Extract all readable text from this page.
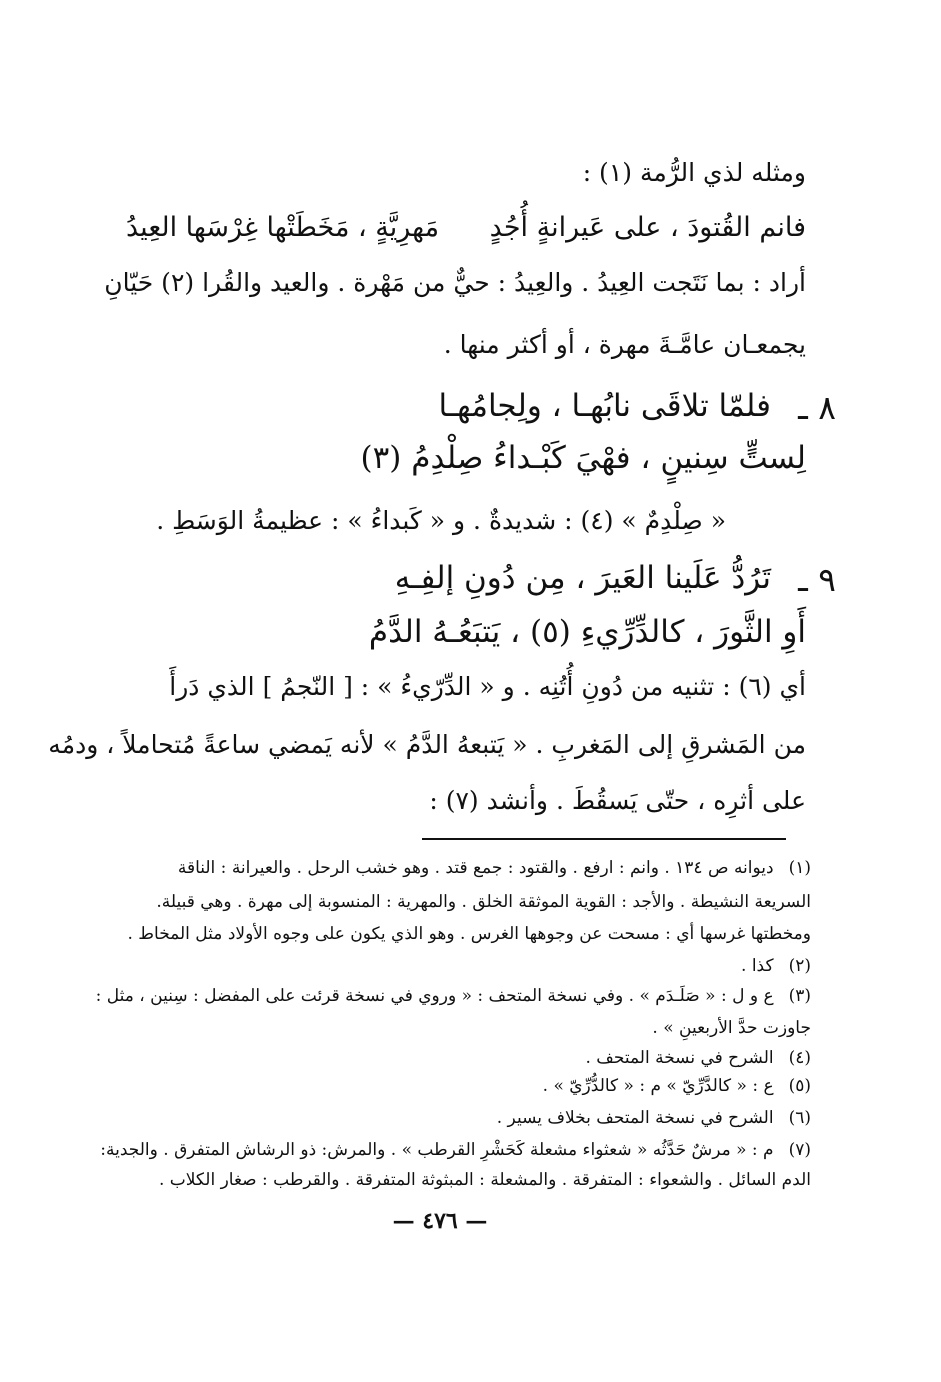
ومثله لذي الرُّمة (١) :
فانم القُتودَ ، على عَيرانةٍ أُجُدٍ
مَهرِيَّةٍ ، مَخَطَتْها غِرْسَها العِيدُ
أراد : بما نَتَجت العِيدُ . والعِيدُ : حيٌّ من مَهْرة . والعيد والقُرا (٢) حَيّانِ
يجمعـان عامَّـةَ مهرة ، أو أكثر منها .
٨ ـ
فلمّا تلاقَى نابُهـا ، ولِجامُهـا
لِستٍّ سِنينٍ ، فهْيَ كَبْـداءُ صِلْدِمُ (٣)
« صِلْدِمٌ » (٤) : شديدةٌ . و « كَبداءُ » : عظيمةُ الوَسَطِ .
٩ ـ
تَرُدُّ عَلَينا العَيرَ ، مِن دُونِ إلفِـهِ
أَوِ الثَّورَ ، كالدِّرِّيءِ (٥) ، يَتبَعُـهُ الدَّمُ
أي (٦) : تثنيه من دُونِ أُتُنِه . و « الدِّرّيءُ » : [ النّجمُ ] الذي دَرأَ
من المَشرقِ إلى المَغربِ . « يَتبعهُ الدَّمُ » لأنه يَمضي ساعةً مُتحاملاً ، ودمُه
على أثرِه ، حتّى يَسقُطَ . وأنشد (٧) :
(١) ديوانه ص ١٣٤ . وانم : ارفع . والقتود : جمع قتد . وهو خشب الرحل . والعيرانة : الناقة
السريعة النشيطة . والأجد : القوية الموثقة الخلق . والمهرية : المنسوبة إلى مهرة . وهي قبيلة.
ومخطتها غرسها أي : مسحت عن وجوهها الغرس . وهو الذي يكون على وجوه الأولاد مثل المخاط .
(٢) كذا .
(٣) ع و ل : « صَلَـدَم » . وفي نسخة المتحف : « وروي في نسخة قرئت على المفضل : سِنين ، مثل :
جاوزت حدَّ الأربعينِ » .
(٤) الشرح في نسخة المتحف .
(٥) ع : « كالدَّرِّيّ » م : « كالدُّرِّيّ » .
(٦) الشرح في نسخة المتحف بخلاف يسير .
(٧) م : « مرشٌ حَدَّثُه « شعثواء مشعلة كَحَشْرِ القرطب » . والمرش: ذو الرشاش المتفرق . والجدية:
الدم السائل . والشعواء : المتفرقة . والمشعلة : المبثوثة المتفرقة . والقرطب : صغار الكلاب .
— ٤٧٦ —
